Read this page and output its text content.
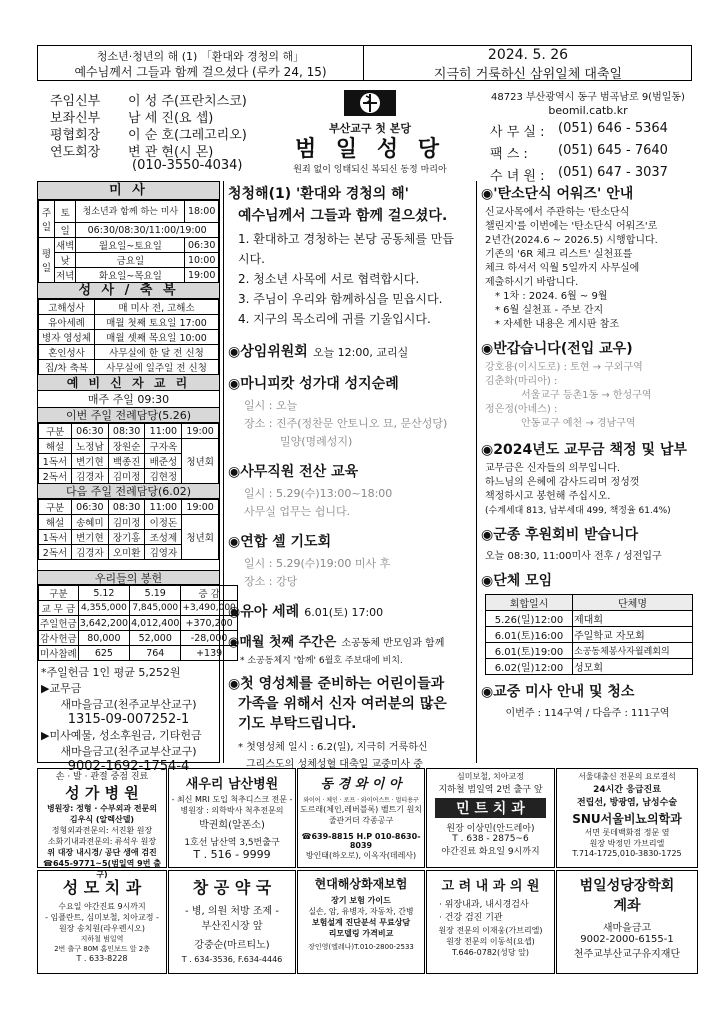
청소년·청년의 해 (1) 「환대와 경청의 해」
예수님께서 그들과 함께 걸으셨다 (루카 24, 15)
2024. 5. 26
지극히 거룩하신 삼위일체 대축일
주임신부	이 성 주(프란치스코)
보좌신부	남 세 진(요 셉)
평협회장	이 순 호(그레고리오)
연도회장	변 관 현(시 몬)
(010-3550-4034)
부산교구 첫 본당
범 일 성 당
원죄 없이 잉태되신 복되신 동정 마리아
48723 부산광역시 동구 범곡남로 9(범일동)
beomil.catb.kr
사 무 실 :	(051) 646 - 5364
팩 스 :	(051) 645 - 7640
수 녀 원 :	(051) 647 - 3037
미 사
주일	토	청소년과 함께 하는 미사	18:00
	일	06:30/08:30/11:00/19:00	
평일	새벽	월요일~토요일	06:30
	낮	금요일	10:00
	저녁	화요일~목요일	19:00
성 사 / 축 복
고해성사	매 미사 전, 고해소
유아세례	매월 첫째 토요일 17:00
병자 영성체	매월 셋째 목요일 10:00
혼인성사	사무실에 한 달 전 신청
집/차 축복	사무실에 일주일 전 신청
예 비 신 자 교 리
매주 주일 09:30
이번 주일 전례담당(5.26)
구분	06:30	08:30	11:00	19:00
해설	노정남	장원순	구자옥	청년회
1독서	변기현	백종진	배준성	
2독서	김경자	김미정	김현정	
다음 주일 전례담당(6.02)
구분	06:30	08:30	11:00	19:00
해설	송혜미	김미정	이정돈	청년회
1독서	변기현	장기홍	조성제	
2독서	김경자	오미환	김영자	
우리들의 봉헌
구분	5.12	5.19	증 감
교 무 금	4,355,000	7,845,000	+3,490,000
주일헌금	3,642,200	4,012,400	+370,200
감사헌금	80,000	52,000	-28,000
미사참례	625	764	+139
*주일헌금 1인 평균 5,252원
▶교무금
새마을금고(천주교부산교구)
1315-09-007252-1
▶미사예물, 성소후원금, 기타헌금
새마을금고(천주교부산교구)
9002-1692-1754-4
청청해(1) '환대와 경청의 해'
예수님께서 그들과 함께 걸으셨다.
1. 환대하고 경청하는 본당 공동체를 만듭시다.
2. 청소년 사목에 서로 협력합시다.
3. 주님이 우리와 함께하심을 믿읍시다.
4. 지구의 목소리에 귀를 기울입시다.
◉상임위원회 오늘 12:00, 교리실
◉마니피캇 성가대 성지순례
일시 : 오늘
장소 : 진주(정찬문 안토니오 묘, 문산성당)
밀양(명례성지)
◉사무직원 전산 교육
일시 : 5.29(수)13:00~18:00
사무실 업무는 쉽니다.
◉연합 셀 기도회
일시 : 5.29(수)19:00 미사 후
장소 : 강당
◉유아 세례 6.01(토) 17:00
◉매월 첫째 주간은 소공동체 반모임과 함께
* 소공동체지 '함께' 6월호 주보대에 비치.
◉첫 영성체를 준비하는 어린이들과
가족을 위해서 신자 여러분의 많은
기도 부탁드립니다.
* 첫영성체 일시 : 6.2(일), 지극히 거룩하신
그리스도의 성체성혈 대축일 교중미사 중
◉'탄소단식 어워즈' 안내
신교사목에서 주관하는 '탄소단식
챌린지'를 이번에는 '탄소단식 어워즈'로
2년간(2024.6 ~ 2026.5) 시행합니다.
기존의 '6R 체크 리스트' 실천표를
체크 하셔서 익월 5일까지 사무실에
제출하시기 바랍니다.
* 1차 : 2024. 6월 ~ 9월
* 6월 실천표 - 주보 간지
* 자세한 내용은 게시판 참조
◉반갑습니다(전입 교우)
강호용(이시도로) : 토현 → 구외구역
김춘화(마리아) :
서울교구 등촌1동 → 한성구역
정은정(아녜스) :
안동교구 예천 → 경남구역
◉2024년도 교무금 책정 및 납부
교무금은 신자들의 의무입니다.
하느님의 은혜에 감사드리며 정성껏
책정하시고 봉헌해 주십시오.
(수계세대 813, 납부세대 499, 책정율 61.4%)
◉군종 후원회비 받습니다
오늘 08:30, 11:00미사 전후 / 성전입구
◉단체 모임
회합일시	단체명
5.26(일)12:00	제대회
6.01(토)16:00	주일학교 자모회
6.01(토)19:00	소공동체봉사자월례회의
6.02(일)12:00	성모회
◉교중 미사 안내 및 청소
이번주 : 114구역 / 다음주 : 111구역
손 · 발 · 관절 중점 진료
성 가 병 원
병원장: 정형 · 수부외과 전문의
김우식 (알렉산델)
정형외과전문의: 서진환 원장
소화기내과전문의: 류석우 원장
위 대장 내시경/ 공단 생애 검진
☎645-9771~5(범일역 9번 출구)
새우리 남산병원
- 최신 MRI 도입 척추디스크 전문 -
병원장 : 의학박사 척추전문의
박권희(알폰소)
1호선 남산역 3,5번출구
T . 516 - 9999
동 경 와 이 아
와이어 · 체인 · 로프 · 와이어스트 · 멀티용구
도르래(체인,레버블록) 벨트기 원치
줄관거더 각종공구
☎639-8815 H.P 010-8630-8039
방인태(하오로), 이옥자(데레사)
심미보철, 치아교정
지하철 범일역 2번 출구 앞
민 트 치 과
원장 이상민(안드레아)
T . 638 - 2875~6
야간진료 화요일 9시까지
서울대출신 전문의 요로결석
24시간 응급진료
전립선, 방광염, 남성수술
SNU서울비뇨의학과
서면 롯데백화점 정문 옆
원장 박정민 가브리엘
T.714-1725,010-3830-1725
성 모 치 과
수요일 야간진료 9시까지
- 임플란트, 심미보철, 치아교정 -
원장 송치원(라우렌시오)
지하철 범일역
2번 출구 80M 홈인보드 앞 2층
T . 633-8228
창 공 약 국
- 병, 의원 처방 조제 -
부산진시장 앞
강중순(마르티노)
T . 634-3536, F.634-4446
현대해상화재보험
장기 보험 가이드
실손, 암, 유병자, 자동차, 간병
보험설계 진단분석 무료상담
리모델링 가격비교
장인영(엘레나)T.010-2800-2533
고 려 내 과 의 원
· 위장내과, 내시경검사
· 건강 검진 기관
원장 전문의 이재웅(가브리엘)
원장 전문의 이동석(요셉)
T.646-0782(성당 앞)
범일성당장학회
계좌
새마을금고
9002-2000-6155-1
천주교부산교구유지재단
